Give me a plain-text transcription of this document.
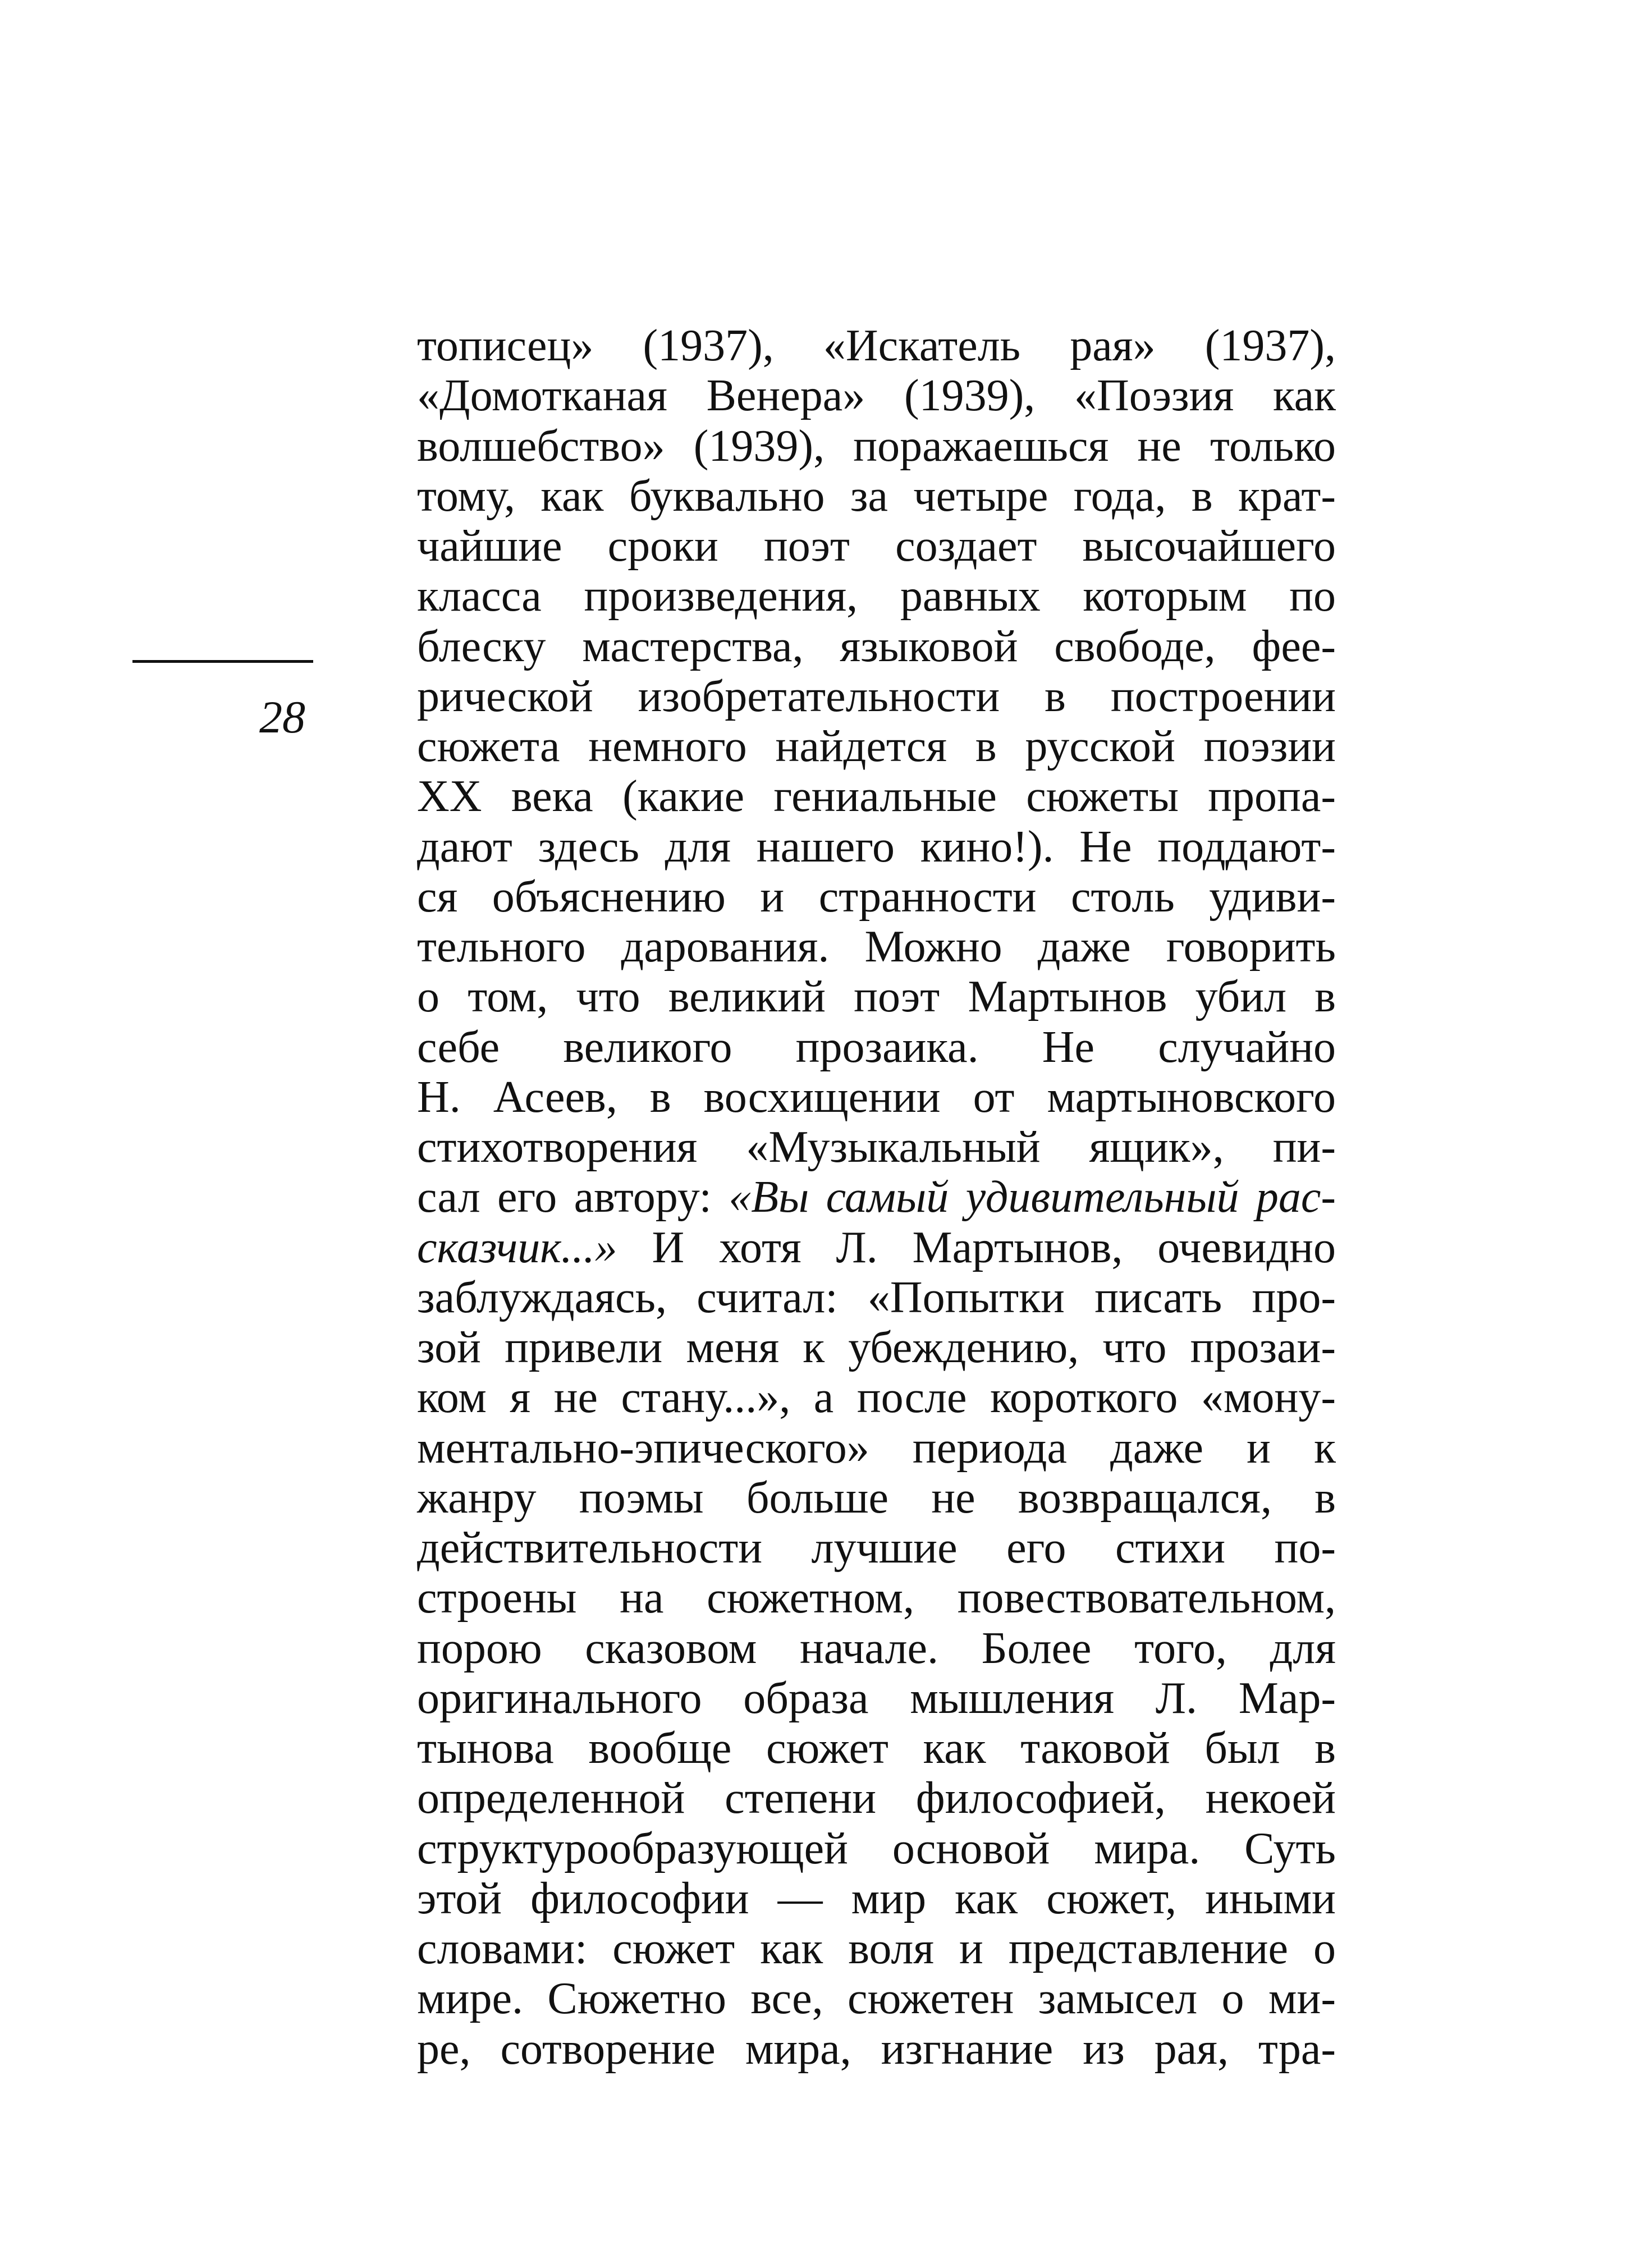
28
тописец» (1937), «Искатель рая» (1937),
«Домотканая Венера» (1939), «Поэзия как
волшебство» (1939), поражаешься не только
тому, как буквально за четыре года, в крат-
чайшие сроки поэт создает высочайшего
класса произведения, равных которым по
блеску мастерства, языковой свободе, фее-
рической изобретательности в построении
сюжета немного найдется в русской поэзии
XX века (какие гениальные сюжеты пропа-
дают здесь для нашего кино!). Не поддают-
ся объяснению и странности столь удиви-
тельного дарования. Можно даже говорить
о том, что великий поэт Мартынов убил в
себе великого прозаика. Не случайно
Н. Асеев, в восхищении от мартыновского
стихотворения «Музыкальный ящик», пи-
сал его автору: «Вы самый удивительный рас-
сказчик...» И хотя Л. Мартынов, очевидно
заблуждаясь, считал: «Попытки писать про-
зой привели меня к убеждению, что прозаи-
ком я не стану...», а после короткого «мону-
ментально-эпического» периода даже и к
жанру поэмы больше не возвращался, в
действительности лучшие его стихи по-
строены на сюжетном, повествовательном,
порою сказовом начале. Более того, для
оригинального образа мышления Л. Мар-
тынова вообще сюжет как таковой был в
определенной степени философией, некоей
структурообразующей основой мира. Суть
этой философии — мир как сюжет, иными
словами: сюжет как воля и представление о
мире. Сюжетно все, сюжетен замысел о ми-
ре, сотворение мира, изгнание из рая, тра-
